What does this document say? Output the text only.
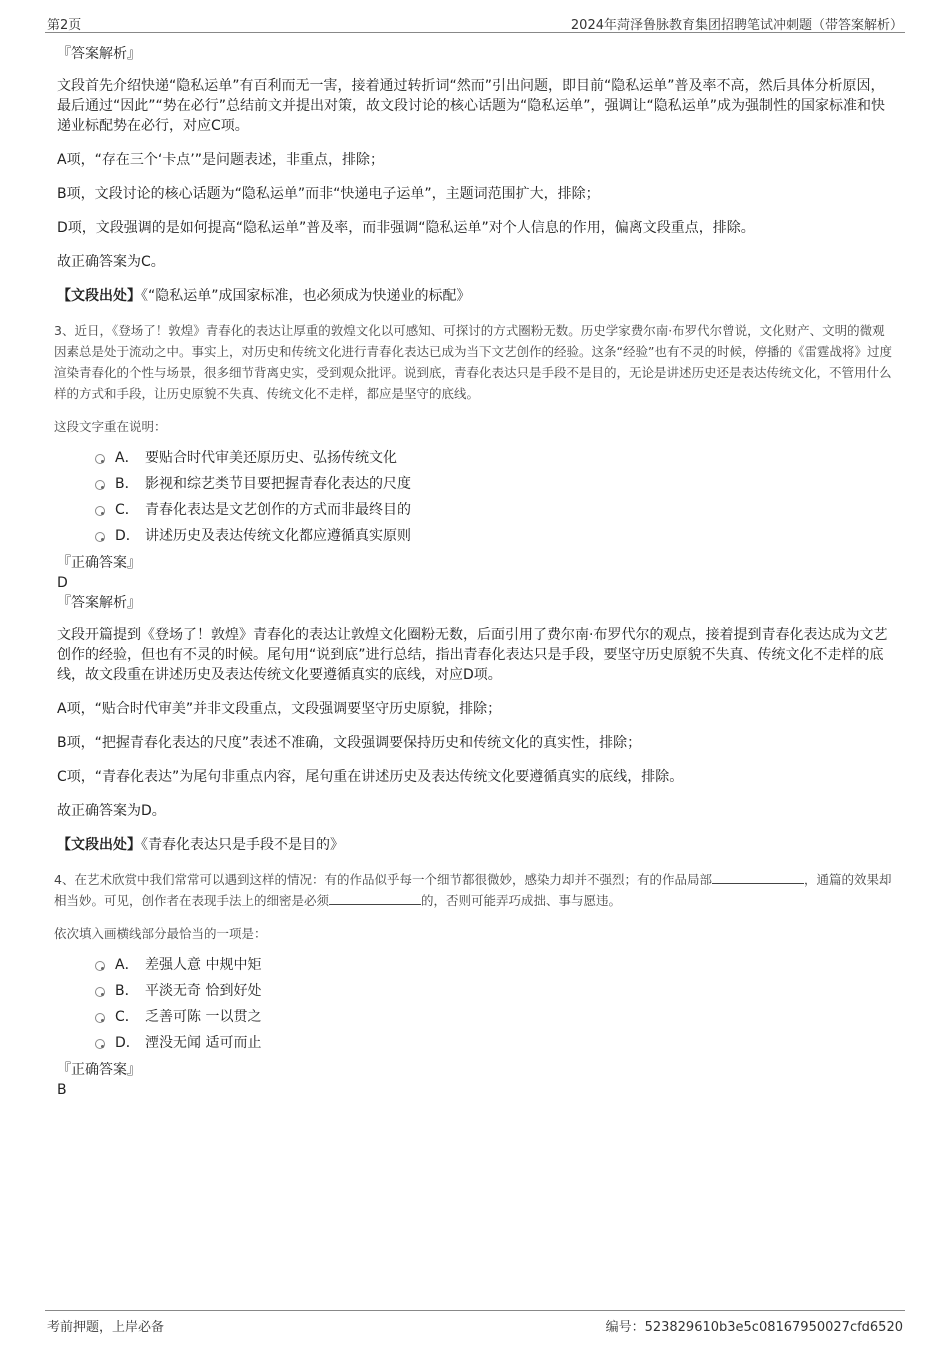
第2页	2024年菏泽鲁脉教育集团招聘笔试冲刺题（带答案解析）

『答案解析』

文段首先介绍快递“隐私运单”有百利而无一害，接着通过转折词“然而”引出问题，即目前“隐私运单”普及率不高，然后具体分析原因，最后通过“因此”“势在必行”总结前文并提出对策，故文段讨论的核心话题为“隐私运单”，强调让“隐私运单”成为强制性的国家标准和快递业标配势在必行，对应C项。

A项，“存在三个‘卡点’”是问题表述，非重点，排除；

B项，文段讨论的核心话题为“隐私运单”而非“快递电子运单”，主题词范围扩大，排除；

D项，文段强调的是如何提高“隐私运单”普及率，而非强调“隐私运单”对个人信息的作用，偏离文段重点，排除。

故正确答案为C。

【文段出处】《“隐私运单”成国家标准，也必须成为快递业的标配》

3、近日，《登场了！敦煌》青春化的表达让厚重的敦煌文化以可感知、可探讨的方式圈粉无数。历史学家费尔南·布罗代尔曾说，文化财产、文明的微观因素总是处于流动之中。事实上，对历史和传统文化进行青春化表达已成为当下文艺创作的经验。这条“经验”也有不灵的时候，停播的《雷霆战将》过度渲染青春化的个性与场景，很多细节背离史实，受到观众批评。说到底，青春化表达只是手段不是目的，无论是讲述历史还是表达传统文化，不管用什么样的方式和手段，让历史原貌不失真、传统文化不走样，都应是坚守的底线。

这段文字重在说明：

A． 要贴合时代审美还原历史、弘扬传统文化
B． 影视和综艺类节目要把握青春化表达的尺度
C． 青春化表达是文艺创作的方式而非最终目的
D． 讲述历史及表达传统文化都应遵循真实原则

『正确答案』

D

『答案解析』

文段开篇提到《登场了！敦煌》青春化的表达让敦煌文化圈粉无数，后面引用了费尔南·布罗代尔的观点，接着提到青春化表达成为文艺创作的经验，但也有不灵的时候。尾句用“说到底”进行总结，指出青春化表达只是手段，要坚守历史原貌不失真、传统文化不走样的底线，故文段重在讲述历史及表达传统文化要遵循真实的底线，对应D项。

A项，“贴合时代审美”并非文段重点，文段强调要坚守历史原貌，排除；

B项，“把握青春化表达的尺度”表述不准确，文段强调要保持历史和传统文化的真实性，排除；

C项，“青春化表达”为尾句非重点内容，尾句重在讲述历史及表达传统文化要遵循真实的底线，排除。

故正确答案为D。

【文段出处】《青春化表达只是手段不是目的》

4、在艺术欣赏中我们常常可以遇到这样的情况：有的作品似乎每一个细节都很微妙，感染力却并不强烈；有的作品局部	，通篇的效果却相当妙。可见，创作者在表现手法上的细密是必须	的，否则可能弄巧成拙、事与愿违。

依次填入画横线部分最恰当的一项是：

A． 差强人意 中规中矩
B． 平淡无奇 恰到好处
C． 乏善可陈 一以贯之
D． 湮没无闻 适可而止

『正确答案』

B

考前押题，上岸必备	编号：523829610b3e5c08167950027cfd6520
